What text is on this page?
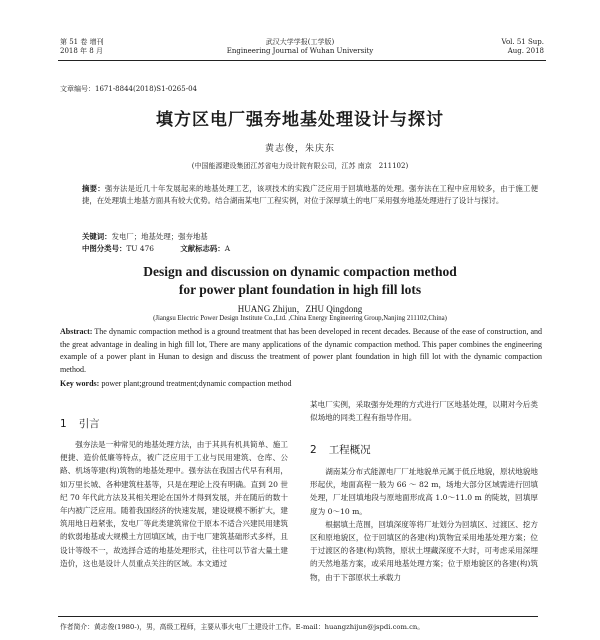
第 51 卷 增刊
2018 年 8 月
武汉大学学报(工学版)
Engineering Journal of Wuhan University
Vol. 51 Sup.
Aug. 2018
文章编号：1671-8844(2018)S1-0265-04
填方区电厂强夯地基处理设计与探讨
黄志俊，朱庆东
(中国能源建设集团江苏省电力设计院有限公司，江苏 南京　211102)
摘要：强夯法是近几十年发展起来的地基处理工艺，该项技术的实践广泛应用于回填地基的处理。强夯法在工程中应用较多，由于施工便捷，在处理填土地基方面具有较大优势。结合湖南某电厂工程实例，对位于深厚填土的电厂采用强夯地基处理进行了设计与探讨。
关键词：发电厂；地基处理；强夯地基
中图分类号：TU 476	文献标志码：A
Design and discussion on dynamic compaction method
for power plant foundation in high fill lots
HUANG Zhijun，ZHU Qingdong
(Jiangsu Electric Power Design Institute Co.,Ltd. ,China Energy Engineering Group,Nanjing 211102,China)
Abstract: The dynamic compaction method is a ground treatment that has been developed in recent decades. Because of the ease of construction, and the great advantage in dealing in high fill lot, There are many applications of the dynamic compaction method. This paper combines the engineering example of a power plant in Hunan to design and discuss the treatment of power plant foundation in high fill lot with the dynamic compaction method.
Key words: power plant;ground treatment;dynamic compaction method
1 引言

强夯法是一种常见的地基处理方法，由于其具有机具简单、施工便捷、造价低廉等特点，被广泛应用于工业与民用建筑、仓库、公路、机场等建(构)筑物的地基处理中。强夯法在我国古代早有利用，如万里长城、各种建筑柱基等，只是在理论上没有明确。直到 20 世纪 70 年代此方法及其相关理论在国外才得到发展，并在随后的数十年内被广泛应用。随着我国经济的快速发展，建设规模不断扩大，建筑用地日趋紧张，发电厂等此类建筑常位于原本不适合兴建民用建筑的软弱地基或大规模土方回填区域，由于电厂建筑基础形式多样，且设计等级不一，故选择合适的地基处理形式，往往可以节省大量土建造价，这也是设计人员重点关注的区域。本文通过

某电厂实例，采取强夯处理的方式进行厂区地基处理，以期对今后类似场地的同类工程有指导作用。

2 工程概况

湖南某分布式能源电厂厂址地貌单元属于低丘地貌，原状地貌地形起伏，地面高程一般为 66 ～ 82 m，场地大部分区域需进行回填处理，厂址回填地段与原地面形成高 1.0～11.0 m 的陡坡，回填厚度为 0～10 m。

根据填土范围，回填深度等将厂址划分为回填区、过渡区、挖方区和原地貌区，位于回填区的各建(构)筑物宜采用地基处理方案；位于过渡区的各建(构)筑物，原状土埋藏深度不大时，可考虑采用深埋的天然地基方案，或采用地基处理方案；位于原地貌区的各建(构)筑物，由于下部原状土承载力

作者简介：黄志俊(1980-)，男，高级工程师，主要从事火电厂土建设计工作。E-mail：huangzhijun@jspdi.com.cn。
